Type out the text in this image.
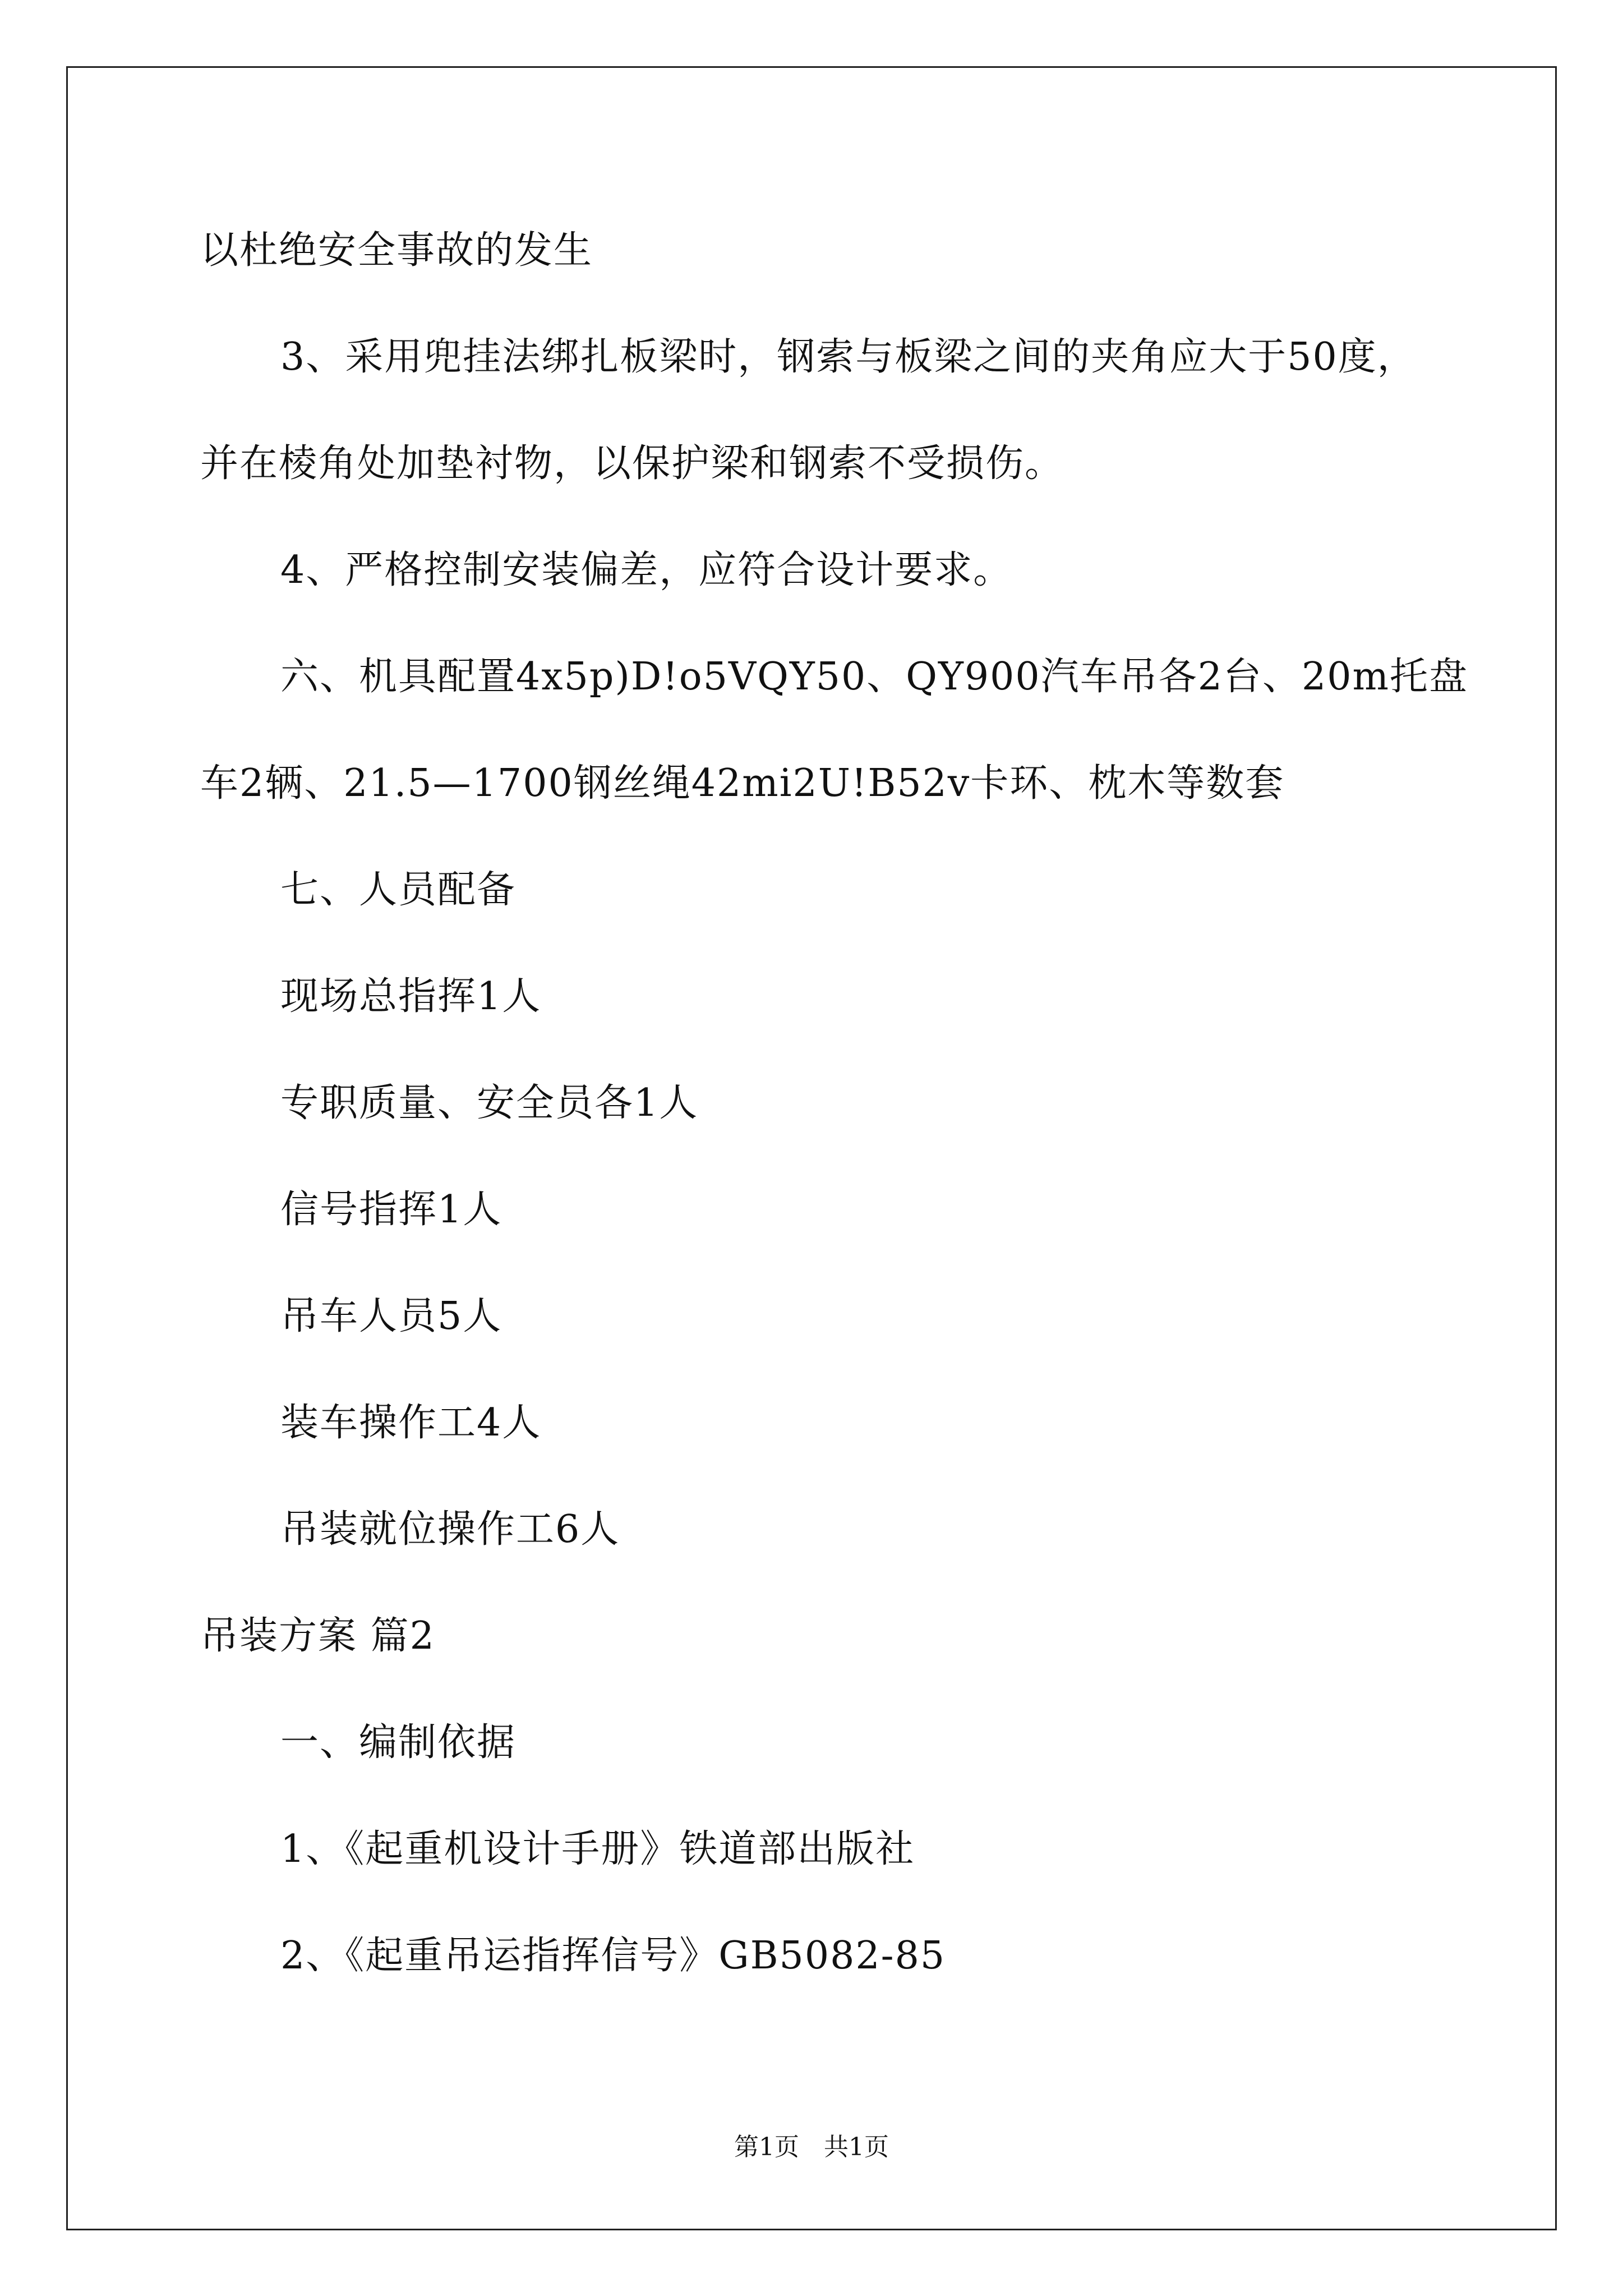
以杜绝安全事故的发生
3、采用兜挂法绑扎板梁时，钢索与板梁之间的夹角应大于50度，
并在棱角处加垫衬物，以保护梁和钢索不受损伤。
4、严格控制安装偏差，应符合设计要求。
六、机具配置4x5p)D!o5VQY50、QY900汽车吊各2台、20m托盘
车2辆、21.5—1700钢丝绳42mi2U!B52v卡环、枕木等数套
七、人员配备
现场总指挥1人
专职质量、安全员各1人
信号指挥1人
吊车人员5人
装车操作工4人
吊装就位操作工6人
吊装方案 篇2
一、编制依据
1、《起重机设计手册》铁道部出版社
2、《起重吊运指挥信号》GB5082-85
第1页　共1页
